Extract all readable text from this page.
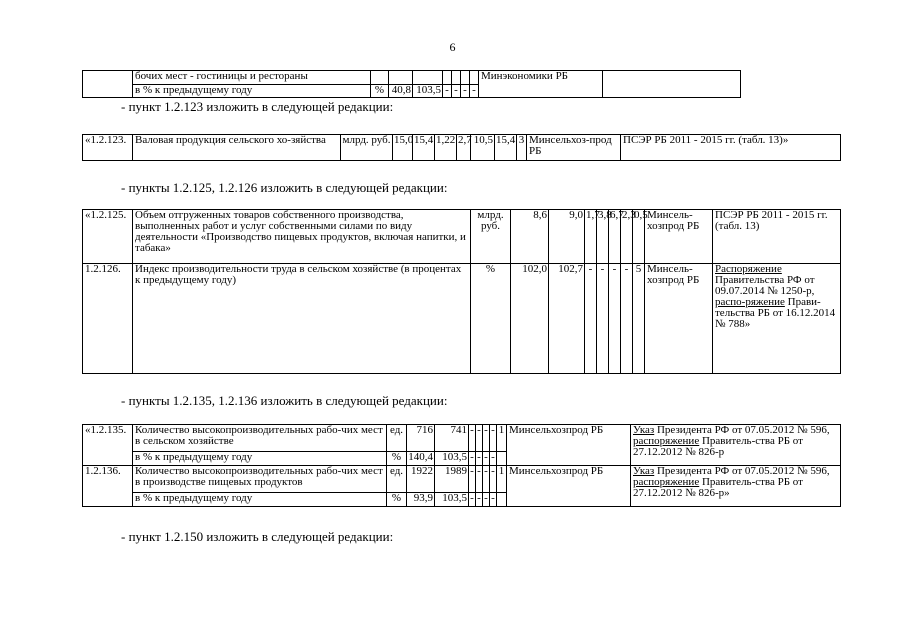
6
	бочих мест - гостиницы и рестораны								Минэкономики РБ	
	в % к предыдущему году	%	40,8	103,5	-	-	-	-		
- пункт 1.2.123 изложить в следующей редакции:
«1.2.123.	Валовая продукция сельского хо-зяйства	млрд. руб.	15,0	15,4	1,22	2,7	10,5	15,4	3	Минсельхоз-прод РБ	ПСЭР РБ 2011 - 2015 гг. (табл. 13)»
- пункты 1.2.125, 1.2.126 изложить в следующей редакции:
«1.2.125.	Объем отгруженных товаров собственного производства, выполненных работ и услуг собственными силами по виду деятельности «Производство пищевых продуктов, включая напитки, и табака»	млрд. руб.	8,6	9,0	1,7	3,8	6,7	2,3	0,5	Минсель-хозпрод РБ	ПСЭР РБ 2011 - 2015 гг. (табл. 13)
1.2.126.	Индекс производительности труда в сельском хозяйстве (в процентах к предыдущему году)	%	102,0	102,7	-	-	-	-	5	Минсель-хозпрод РБ	Распоряжение Правительства РФ от 09.07.2014 № 1250-р, распо-ряжение Прави-тельства РБ от 16.12.2014 № 788»
- пункты 1.2.135, 1.2.136 изложить в следующей редакции:
«1.2.135.	Количество высокопроизводительных рабо-чих мест в сельском хозяйстве	ед.	716	741	-	-	-	-	1	Минсельхозпрод РБ	Указ Президента РФ от 07.05.2012 № 596, распоряжение Правитель-ства РБ от 27.12.2012 № 826-р
	в % к предыдущему году	%	140,4	103,5	-	-	-	-			
1.2.136.	Количество высокопроизводительных рабо-чих мест в производстве пищевых продуктов	ед.	1922	1989	-	-	-	-	1	Минсельхозпрод РБ	Указ Президента РФ от 07.05.2012 № 596, распоряжение Правитель-ства РБ от 27.12.2012 № 826-р»
	в % к предыдущему году	%	93,9	103,5	-	-	-	-			
- пункт 1.2.150 изложить в следующей редакции:
